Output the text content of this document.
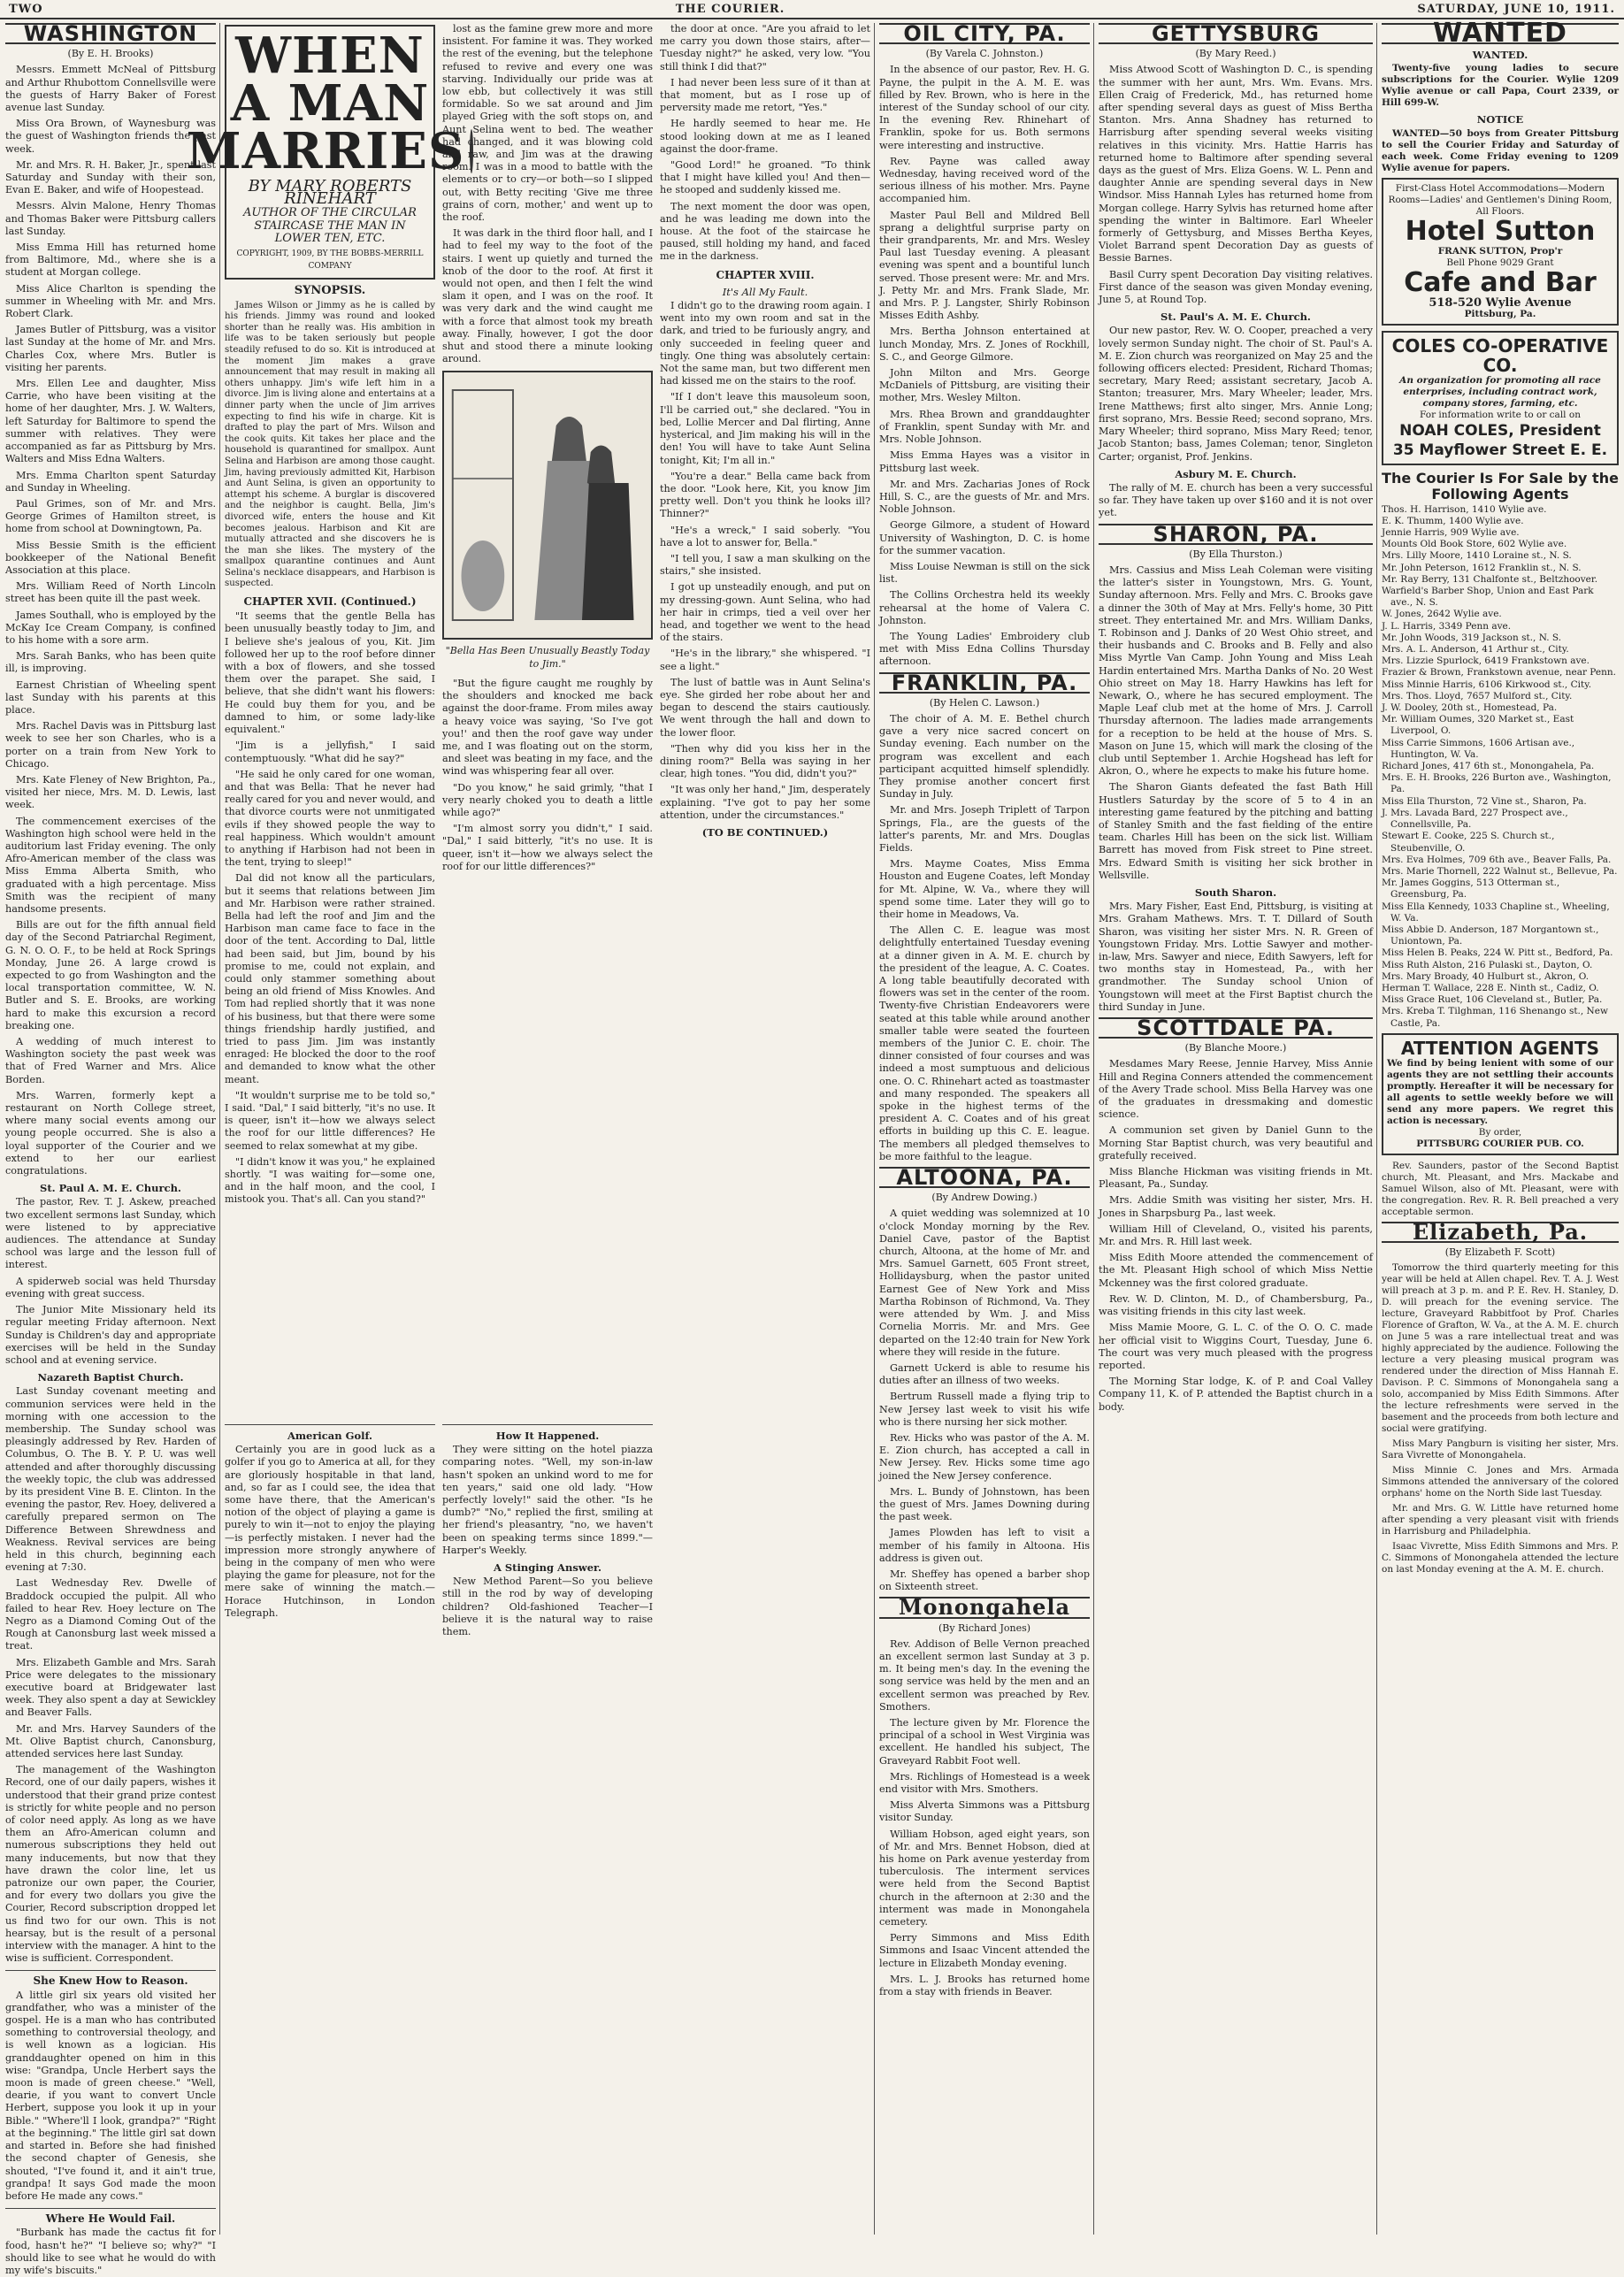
TWO	THE COURIER.	SATURDAY, JUNE 10, 1911.
WASHINGTON
(By E. H. Brooks)

Messrs. Emmett McNeal of Pittsburg and Arthur Rhubottom Connellsville were the guests of Harry Baker of Forest avenue last Sunday.

Miss Ora Brown, of Waynesburg was the guest of Washington friends the past week.

Mr. and Mrs. R. H. Baker, Jr., spent last Saturday and Sunday with their son, Evan E. Baker, and wife of Hoopestead.

Messrs. Alvin Malone, Henry Thomas and Thomas Baker were Pittsburg callers last Sunday.

Miss Emma Hill has returned home from Baltimore, Md., where she is a student at Morgan college.

Miss Alice Charlton is spending the summer in Wheeling with Mr. and Mrs. Robert Clark.

James Butler of Pittsburg, was a visitor last Sunday at the home of Mr. and Mrs. Charles Cox, where Mrs. Butler is visiting her parents.

Mrs. Ellen Lee and daughter, Miss Carrie, who have been visiting at the home of her daughter, Mrs. J. W. Walters, left Saturday for Baltimore to spend the summer with relatives. They were accompanied as far as Pittsburg by Mrs. Walters and Miss Edna Walters.

Mrs. Emma Charlton spent Saturday and Sunday in Wheeling.

Paul Grimes, son of Mr. and Mrs. George Grimes of Hamilton street, is home from school at Downingtown, Pa.

Miss Bessie Smith is the efficient bookkeeper of the National Benefit Association at this place.

Mrs. William Reed of North Lincoln street has been quite ill the past week.

James Southall, who is employed by the McKay Ice Cream Company, is confined to his home with a sore arm.

Mrs. Sarah Banks, who has been quite ill, is improving.

Earnest Christian of Wheeling spent last Sunday with his parents at this place.

Mrs. Rachel Davis was in Pittsburg last week to see her son Charles, who is a porter on a train from New York to Chicago.

Mrs. Kate Fleney of New Brighton, Pa., visited her niece, Mrs. M. D. Lewis, last week.

The commencement exercises of the Washington high school were held in the auditorium last Friday evening. The only Afro-American member of the class was Miss Emma Alberta Smith, who graduated with a high percentage. Miss Smith was the recipient of many handsome presents.

Bills are out for the fifth annual field day of the Second Patriarchal Regiment, G. N. O. O. F., to be held at Rock Springs Monday, June 26. A large crowd is expected to go from Washington and the local transportation committee, W. N. Butler and S. E. Brooks, are working hard to make this excursion a record breaking one.

A wedding of much interest to Washington society the past week was that of Fred Warner and Mrs. Alice Borden.

Mrs. Warren, formerly kept a restaurant on North College street, where many social events among our young people occurred. She is also a loyal supporter of the Courier and we extend to her our earliest congratulations.

St. Paul A. M. E. Church.

The pastor, Rev. T. J. Askew, preached two excellent sermons last Sunday, which were listened to by appreciative audiences. The attendance at Sunday school was large and the lesson full of interest.

A spiderweb social was held Thursday evening with great success.

The Junior Mite Missionary held its regular meeting Friday afternoon. Next Sunday is Children's day and appropriate exercises will be held in the Sunday school and at evening service.

Nazareth Baptist Church.

Last Sunday covenant meeting and communion services were held in the morning with one accession to the membership. The Sunday school was pleasingly addressed by Rev. Harden of Columbus, O. The B. Y. P. U. was well attended and after thoroughly discussing the weekly topic, the club was addressed by its president Vine B. E. Clinton. In the evening the pastor, Rev. Hoey, delivered a carefully prepared sermon on The Difference Between Shrewdness and Weakness. Revival services are being held in this church, beginning each evening at 7:30.

Last Wednesday Rev. Dwelle of Braddock occupied the pulpit. All who failed to hear Rev. Hoey lecture on The Negro as a Diamond Coming Out of the Rough at Canonsburg last week missed a treat.

Mrs. Elizabeth Gamble and Mrs. Sarah Price were delegates to the missionary executive board at Bridgewater last week. They also spent a day at Sewickley and Beaver Falls.

Mr. and Mrs. Harvey Saunders of the Mt. Olive Baptist church, Canonsburg, attended services here last Sunday.

The management of the Washington Record, one of our daily papers, wishes it understood that their grand prize contest is strictly for white people and no person of color need apply. As long as we have them an Afro-American column and numerous subscriptions they held out many inducements, but now that they have drawn the color line, let us patronize our own paper, the Courier, and for every two dollars you give the Courier, Record subscription dropped let us find two for our own. This is not hearsay, but is the result of a personal interview with the manager. A hint to the wise is sufficient. Correspondent.

She Knew How to Reason.

A little girl six years old visited her grandfather, who was a minister of the gospel. He is a man who has contributed something to controversial theology, and is well known as a logician. His granddaughter opened on him in this wise: "Grandpa, Uncle Herbert says the moon is made of green cheese." "Well, dearie, if you want to convert Uncle Herbert, suppose you look it up in your Bible." "Where'll I look, grandpa?" "Right at the beginning." The little girl sat down and started in. Before she had finished the second chapter of Genesis, she shouted, "I've found it, and it ain't true, grandpa! It says God made the moon before He made any cows."

Where He Would Fail.

"Burbank has made the cactus fit for food, hasn't he?" "I believe so; why?" "I should like to see what he would do with my wife's biscuits."

WHEN A MAN
MARRIES
BY MARY ROBERTS RINEHART
AUTHOR OF THE CIRCULAR STAIRCASE THE MAN IN LOWER TEN, ETC.
COPYRIGHT, 1909, BY THE BOBBS-MERRILL COMPANY
SYNOPSIS.

James Wilson or Jimmy as he is called by his friends. Jimmy was round and looked shorter than he really was. His ambition in life was to be taken seriously but people steadily refused to do so. Kit is introduced at the moment Jim makes a grave announcement that may result in making all others unhappy. Jim's wife left him in a divorce. Jim is living alone and entertains at a dinner party when the uncle of Jim arrives expecting to find his wife in charge. Kit is drafted to play the part of Mrs. Wilson and the cook quits. Kit takes her place and the household is quarantined for smallpox. Aunt Selina and Harbison are among those caught. Jim, having previously admitted Kit, Harbison and Aunt Selina, is given an opportunity to attempt his scheme. A burglar is discovered and the neighbor is caught. Bella, Jim's divorced wife, enters the house and Kit becomes jealous. Harbison and Kit are mutually attracted and she discovers he is the man she likes. The mystery of the smallpox quarantine continues and Aunt Selina's necklace disappears, and Harbison is suspected.

CHAPTER XVII. (Continued.)

"It seems that the gentle Bella has been unusually beastly today to Jim, and I believe she's jealous of you, Kit. Jim followed her up to the roof before dinner with a box of flowers, and she tossed them over the parapet. She said, I believe, that she didn't want his flowers: He could buy them for you, and be damned to him, or some lady-like equivalent."

"Jim is a jellyfish," I said contemptuously. "What did he say?"

"He said he only cared for one woman, and that was Bella: That he never had really cared for you and never would, and that divorce courts were not unmitigated evils if they showed people the way to real happiness. Which wouldn't amount to anything if Harbison had not been in the tent, trying to sleep!"

Dal did not know all the particulars, but it seems that relations between Jim and Mr. Harbison were rather strained. Bella had left the roof and Jim and the Harbison man came face to face in the door of the tent. According to Dal, little had been said, but Jim, bound by his promise to me, could not explain, and could only stammer something about being an old friend of Miss Knowles. And Tom had replied shortly that it was none of his business, but that there were some things friendship hardly justified, and tried to pass Jim. Jim was instantly enraged: He blocked the door to the roof and demanded to know what the other meant.

"It wouldn't surprise me to be told so," I said. "Dal," I said bitterly, "it's no use. It is queer, isn't it—how we always select the roof for our little differences? He seemed to relax somewhat at my gibe.

"I didn't know it was you," he explained shortly. "I was waiting for—some one, and in the half moon, and the cool, I mistook you. That's all. Can you stand?"

lost as the famine grew more and more insistent. For famine it was. They worked the rest of the evening, but the telephone refused to revive and every one was starving. Individually our pride was at low ebb, but collectively it was still formidable. So we sat around and Jim played Grieg with the soft stops on, and Aunt Selina went to bed. The weather had changed, and it was blowing cold and raw, and Jim was at the drawing room. I was in a mood to battle with the elements or to cry—or both—so I slipped out, with Betty reciting 'Give me three grains of corn, mother,' and went up to the roof.

It was dark in the third floor hall, and I had to feel my way to the foot of the stairs. I went up quietly and turned the knob of the door to the roof. At first it would not open, and then I felt the wind slam it open, and I was on the roof. It was very dark and the wind caught me with a force that almost took my breath away. Finally, however, I got the door shut and stood there a minute looking around.

"Bella Has Been Unusually Beastly Today to Jim."

"But the figure caught me roughly by the shoulders and knocked me back against the door-frame. From miles away a heavy voice was saying, 'So I've got you!' and then the roof gave way under me, and I was floating out on the storm, and sleet was beating in my face, and the wind was whispering fear all over.

"Do you know," he said grimly, "that I very nearly choked you to death a little while ago?"

"I'm almost sorry you didn't," I said. "Dal," I said bitterly, "it's no use. It is queer, isn't it—how we always select the roof for our little differences?"

the door at once. "Are you afraid to let me carry you down those stairs, after—Tuesday night?" he asked, very low. "You still think I did that?"

I had never been less sure of it than at that moment, but as I rose up of perversity made me retort, "Yes."

He hardly seemed to hear me. He stood looking down at me as I leaned against the door-frame.

"Good Lord!" he groaned. "To think that I might have killed you! And then—he stooped and suddenly kissed me.

The next moment the door was open, and he was leading me down into the house. At the foot of the staircase he paused, still holding my hand, and faced me in the darkness.

CHAPTER XVIII.
It's All My Fault.

I didn't go to the drawing room again. I went into my own room and sat in the dark, and tried to be furiously angry, and only succeeded in feeling queer and tingly. One thing was absolutely certain: Not the same man, but two different men had kissed me on the stairs to the roof.

"If I don't leave this mausoleum soon, I'll be carried out," she declared. "You in bed, Lollie Mercer and Dal flirting, Anne hysterical, and Jim making his will in the den! You will have to take Aunt Selina tonight, Kit; I'm all in."

"You're a dear." Bella came back from the door. "Look here, Kit, you know Jim pretty well. Don't you think he looks ill? Thinner?"

"He's a wreck," I said soberly. "You have a lot to answer for, Bella."

"I tell you, I saw a man skulking on the stairs," she insisted.

I got up unsteadily enough, and put on my dressing-gown. Aunt Selina, who had her hair in crimps, tied a veil over her head, and together we went to the head of the stairs.

"He's in the library," she whispered. "I see a light."

The lust of battle was in Aunt Selina's eye. She girded her robe about her and began to descend the stairs cautiously. We went through the hall and down to the lower floor.

"Then why did you kiss her in the dining room?" Bella was saying in her clear, high tones. "You did, didn't you?"

"It was only her hand," Jim, desperately explaining. "I've got to pay her some attention, under the circumstances."

(TO BE CONTINUED.)
American Golf.

Certainly you are in good luck as a golfer if you go to America at all, for they are gloriously hospitable in that land, and, so far as I could see, the idea that some have there, that the American's notion of the object of playing a game is purely to win it—not to enjoy the playing—is perfectly mistaken. I never had the impression more strongly anywhere of being in the company of men who were playing the game for pleasure, not for the mere sake of winning the match.—Horace Hutchinson, in London Telegraph.

How It Happened.

They were sitting on the hotel piazza comparing notes. "Well, my son-in-law hasn't spoken an unkind word to me for ten years," said one old lady. "How perfectly lovely!" said the other. "Is he dumb?" "No," replied the first, smiling at her friend's pleasantry, "no, we haven't been on speaking terms since 1899."—Harper's Weekly.

A Stinging Answer.

New Method Parent—So you believe still in the rod by way of developing children? Old-fashioned Teacher—I believe it is the natural way to raise them.

OIL CITY, PA.
(By Varela C. Johnston.)

In the absence of our pastor, Rev. H. G. Payne, the pulpit in the A. M. E. was filled by Rev. Brown, who is here in the interest of the Sunday school of our city. In the evening Rev. Rhinehart of Franklin, spoke for us. Both sermons were interesting and instructive.

Rev. Payne was called away Wednesday, having received word of the serious illness of his mother. Mrs. Payne accompanied him.

Master Paul Bell and Mildred Bell sprang a delightful surprise party on their grandparents, Mr. and Mrs. Wesley Paul last Tuesday evening. A pleasant evening was spent and a bountiful lunch served. Those present were: Mr. and Mrs. J. Petty Mr. and Mrs. Frank Slade, Mr. and Mrs. P. J. Langster, Shirly Robinson Misses Edith Ashby.

Mrs. Bertha Johnson entertained at lunch Monday, Mrs. Z. Jones of Rockhill, S. C., and George Gilmore.

John Milton and Mrs. George McDaniels of Pittsburg, are visiting their mother, Mrs. Wesley Milton.

Mrs. Rhea Brown and granddaughter of Franklin, spent Sunday with Mr. and Mrs. Noble Johnson.

Miss Emma Hayes was a visitor in Pittsburg last week.

Mr. and Mrs. Zacharias Jones of Rock Hill, S. C., are the guests of Mr. and Mrs. Noble Johnson.

George Gilmore, a student of Howard University of Washington, D. C. is home for the summer vacation.

Miss Louise Newman is still on the sick list.

The Collins Orchestra held its weekly rehearsal at the home of Valera C. Johnston.

The Young Ladies' Embroidery club met with Miss Edna Collins Thursday afternoon.

FRANKLIN, PA.
(By Helen C. Lawson.)

The choir of A. M. E. Bethel church gave a very nice sacred concert on Sunday evening. Each number on the program was excellent and each participant acquitted himself splendidly. They promise another concert first Sunday in July.

Mr. and Mrs. Joseph Triplett of Tarpon Springs, Fla., are the guests of the latter's parents, Mr. and Mrs. Douglas Fields.

Mrs. Mayme Coates, Miss Emma Houston and Eugene Coates, left Monday for Mt. Alpine, W. Va., where they will spend some time. Later they will go to their home in Meadows, Va.

The Allen C. E. league was most delightfully entertained Tuesday evening at a dinner given in A. M. E. church by the president of the league, A. C. Coates. A long table beautifully decorated with flowers was set in the center of the room. Twenty-five Christian Endeavorers were seated at this table while around another smaller table were seated the fourteen members of the Junior C. E. choir. The dinner consisted of four courses and was indeed a most sumptuous and delicious one. O. C. Rhinehart acted as toastmaster and many responded. The speakers all spoke in the highest terms of the president A. C. Coates and of his great efforts in building up this C. E. league. The members all pledged themselves to be more faithful to the league.

ALTOONA, PA.
(By Andrew Dowing.)

A quiet wedding was solemnized at 10 o'clock Monday morning by the Rev. Daniel Cave, pastor of the Baptist church, Altoona, at the home of Mr. and Mrs. Samuel Garnett, 605 Front street, Hollidaysburg, when the pastor united Earnest Gee of New York and Miss Martha Robinson of Richmond, Va. They were attended by Wm. J. and Miss Cornelia Morris. Mr. and Mrs. Gee departed on the 12:40 train for New York where they will reside in the future.

Garnett Uckerd is able to resume his duties after an illness of two weeks.

Bertrum Russell made a flying trip to New Jersey last week to visit his wife who is there nursing her sick mother.

Rev. Hicks who was pastor of the A. M. E. Zion church, has accepted a call in New Jersey. Rev. Hicks some time ago joined the New Jersey conference.

Mrs. L. Bundy of Johnstown, has been the guest of Mrs. James Downing during the past week.

James Plowden has left to visit a member of his family in Altoona. His address is given out.

Mr. Sheffey has opened a barber shop on Sixteenth street.

Monongahela
(By Richard Jones)

Rev. Addison of Belle Vernon preached an excellent sermon last Sunday at 3 p. m. It being men's day. In the evening the song service was held by the men and an excellent sermon was preached by Rev. Smothers.

The lecture given by Mr. Florence the principal of a school in West Virginia was excellent. He handled his subject, The Graveyard Rabbit Foot well.

Mrs. Richlings of Homestead is a week end visitor with Mrs. Smothers.

Miss Alverta Simmons was a Pittsburg visitor Sunday.

William Hobson, aged eight years, son of Mr. and Mrs. Bennet Hobson, died at his home on Park avenue yesterday from tuberculosis. The interment services were held from the Second Baptist church in the afternoon at 2:30 and the interment was made in Monongahela cemetery.

Perry Simmons and Miss Edith Simmons and Isaac Vincent attended the lecture in Elizabeth Monday evening.

Mrs. L. J. Brooks has returned home from a stay with friends in Beaver.

GETTYSBURG
(By Mary Reed.)

Miss Atwood Scott of Washington D. C., is spending the summer with her aunt, Mrs. Wm. Evans. Mrs. Ellen Craig of Frederick, Md., has returned home after spending several days as guest of Miss Bertha Stanton. Mrs. Anna Shadney has returned to Harrisburg after spending several weeks visiting relatives in this vicinity. Mrs. Hattie Harris has returned home to Baltimore after spending several days as the guest of Mrs. Eliza Goens. W. L. Penn and daughter Annie are spending several days in New Windsor. Miss Hannah Lyles has returned home from Morgan college. Harry Sylvis has returned home after spending the winter in Baltimore. Earl Wheeler formerly of Gettysburg, and Misses Bertha Keyes, Violet Barrand spent Decoration Day as guests of Bessie Barnes.

Basil Curry spent Decoration Day visiting relatives. First dance of the season was given Monday evening, June 5, at Round Top.

St. Paul's A. M. E. Church.

Our new pastor, Rev. W. O. Cooper, preached a very lovely sermon Sunday night. The choir of St. Paul's A. M. E. Zion church was reorganized on May 25 and the following officers elected: President, Richard Thomas; secretary, Mary Reed; assistant secretary, Jacob A. Stanton; treasurer, Mrs. Mary Wheeler; leader, Mrs. Irene Matthews; first alto singer, Mrs. Annie Long; first soprano, Mrs. Bessie Reed; second soprano, Mrs. Mary Wheeler; third soprano, Miss Mary Reed; tenor, Jacob Stanton; bass, James Coleman; tenor, Singleton Carter; organist, Prof. Jenkins.

Asbury M. E. Church.

The rally of M. E. church has been a very successful so far. They have taken up over $160 and it is not over yet.

SHARON, PA.
(By Ella Thurston.)

Mrs. Cassius and Miss Leah Coleman were visiting the latter's sister in Youngstown, Mrs. G. Yount, Sunday afternoon. Mrs. Felly and Mrs. C. Brooks gave a dinner the 30th of May at Mrs. Felly's home, 30 Pitt street. They entertained Mr. and Mrs. William Danks, T. Robinson and J. Danks of 20 West Ohio street, and their husbands and C. Brooks and B. Felly and also Miss Myrtle Van Camp. John Young and Miss Leah Hardin entertained Mrs. Martha Danks of No. 20 West Ohio street on May 18. Harry Hawkins has left for Newark, O., where he has secured employment. The Maple Leaf club met at the home of Mrs. J. Carroll Thursday afternoon. The ladies made arrangements for a reception to be held at the house of Mrs. S. Mason on June 15, which will mark the closing of the club until September 1. Archie Hogshead has left for Akron, O., where he expects to make his future home.

The Sharon Giants defeated the fast Bath Hill Hustlers Saturday by the score of 5 to 4 in an interesting game featured by the pitching and batting of Stanley Smith and the fast fielding of the entire team. Charles Hill has been on the sick list. William Barrett has moved from Fisk street to Pine street. Mrs. Edward Smith is visiting her sick brother in Wellsville.

South Sharon.

Mrs. Mary Fisher, East End, Pittsburg, is visiting at Mrs. Graham Mathews. Mrs. T. T. Dillard of South Sharon, was visiting her sister Mrs. N. R. Green of Youngstown Friday. Mrs. Lottie Sawyer and mother-in-law, Mrs. Sawyer and niece, Edith Sawyers, left for two months stay in Homestead, Pa., with her grandmother. The Sunday school Union of Youngstown will meet at the First Baptist church the third Sunday in June.

SCOTTDALE PA.
(By Blanche Moore.)

Mesdames Mary Reese, Jennie Harvey, Miss Annie Hill and Regina Conners attended the commencement of the Avery Trade school. Miss Bella Harvey was one of the graduates in dressmaking and domestic science.

A communion set given by Daniel Gunn to the Morning Star Baptist church, was very beautiful and gratefully received.

Miss Blanche Hickman was visiting friends in Mt. Pleasant, Pa., Sunday.

Mrs. Addie Smith was visiting her sister, Mrs. H. Jones in Sharpsburg Pa., last week.

William Hill of Cleveland, O., visited his parents, Mr. and Mrs. R. Hill last week.

Miss Edith Moore attended the commencement of the Mt. Pleasant High school of which Miss Nettie Mckenney was the first colored graduate.

Rev. W. D. Clinton, M. D., of Chambersburg, Pa., was visiting friends in this city last week.

Miss Mamie Moore, G. L. C. of the O. O. C. made her official visit to Wiggins Court, Tuesday, June 6. The court was very much pleased with the progress reported.

The Morning Star lodge, K. of P. and Coal Valley Company 11, K. of P. attended the Baptist church in a body.

WANTED
WANTED.

Twenty-five young ladies to secure subscriptions for the Courier. Wylie 1209 Wylie avenue or call Papa, Court 2339, or Hill 699-W.

NOTICE

WANTED—50 boys from Greater Pittsburg to sell the Courier Friday and Saturday of each week. Come Friday evening to 1209 Wylie avenue for papers.

First-Class Hotel Accommodations—Modern Rooms—Ladies' and Gentlemen's Dining Room, All Floors.
Hotel Sutton
FRANK SUTTON, Prop'r
Bell Phone 9029 Grant
Cafe and Bar
518-520 Wylie Avenue
Pittsburg, Pa.
COLES CO-OPERATIVE CO.
An organization for promoting all race enterprises, including contract work, company stores, farming, etc.
For information write to or call on
NOAH COLES, President
35 Mayflower Street E. E.
The Courier Is For Sale by the Following Agents

Thos. H. Harrison, 1410 Wylie ave.

E. K. Thumm, 1400 Wylie ave.

Jennie Harris, 909 Wylie ave.

Mounts Old Book Store, 602 Wylie ave.

Mrs. Lilly Moore, 1410 Loraine st., N. S.

Mr. John Peterson, 1612 Franklin st., N. S.

Mr. Ray Berry, 131 Chalfonte st., Beltzhoover.

Warfield's Barber Shop, Union and East Park ave., N. S.

W. Jones, 2642 Wylie ave.

J. L. Harris, 3349 Penn ave.

Mr. John Woods, 319 Jackson st., N. S.

Mrs. A. L. Anderson, 41 Arthur st., City.

Mrs. Lizzie Spurlock, 6419 Frankstown ave.

Frazier & Brown, Frankstown avenue, near Penn.

Miss Minnie Harris, 6106 Kirkwood st., City.

Mrs. Thos. Lloyd, 7657 Mulford st., City.

J. W. Dooley, 20th st., Homestead, Pa.

Mr. William Oumes, 320 Market st., East Liverpool, O.

Miss Carrie Simmons, 1606 Artisan ave., Huntington, W. Va.

Richard Jones, 417 6th st., Monongahela, Pa.

Mrs. E. H. Brooks, 226 Burton ave., Washington, Pa.

Miss Ella Thurston, 72 Vine st., Sharon, Pa.

J. Mrs. Lavada Bard, 227 Prospect ave., Connellsville, Pa.

Stewart E. Cooke, 225 S. Church st., Steubenville, O.

Mrs. Eva Holmes, 709 6th ave., Beaver Falls, Pa.

Mrs. Marie Thornell, 222 Walnut st., Bellevue, Pa.

Mr. James Goggins, 513 Otterman st., Greensburg, Pa.

Miss Ella Kennedy, 1033 Chapline st., Wheeling, W. Va.

Miss Abbie D. Anderson, 187 Morgantown st., Uniontown, Pa.

Miss Helen B. Peaks, 224 W. Pitt st., Bedford, Pa.

Miss Ruth Alston, 216 Pulaski st., Dayton, O.

Mrs. Mary Broady, 40 Hulburt st., Akron, O.

Herman T. Wallace, 228 E. Ninth st., Cadiz, O.

Miss Grace Ruet, 106 Cleveland st., Butler, Pa.

Mrs. Kreba T. Tilghman, 116 Shenango st., New Castle, Pa.

ATTENTION AGENTS
We find by being lenient with some of our agents they are not settling their accounts promptly. Hereafter it will be necessary for all agents to settle weekly before we will send any more papers. We regret this action is necessary.
By order,
PITTSBURG COURIER PUB. CO.

Rev. Saunders, pastor of the Second Baptist church, Mt. Pleasant, and Mrs. Mackabe and Samuel Wilson, also of Mt. Pleasant, were with the congregation. Rev. R. R. Bell preached a very acceptable sermon.

Elizabeth, Pa.
(By Elizabeth F. Scott)

Tomorrow the third quarterly meeting for this year will be held at Allen chapel. Rev. T. A. J. West will preach at 3 p. m. and P. E. Rev. H. Stanley, D. D. will preach for the evening service. The lecture, Graveyard Rabbitfoot by Prof. Charles Florence of Grafton, W. Va., at the A. M. E. church on June 5 was a rare intellectual treat and was highly appreciated by the audience. Following the lecture a very pleasing musical program was rendered under the direction of Miss Hannah E. Davison. P. C. Simmons of Monongahela sang a solo, accompanied by Miss Edith Simmons. After the lecture refreshments were served in the basement and the proceeds from both lecture and social were gratifying.

Miss Mary Pangburn is visiting her sister, Mrs. Sara Vivrette of Monongahela.

Miss Minnie C. Jones and Mrs. Armada Simmons attended the anniversary of the colored orphans' home on the North Side last Tuesday.

Mr. and Mrs. G. W. Little have returned home after spending a very pleasant visit with friends in Harrisburg and Philadelphia.

Isaac Vivrette, Miss Edith Simmons and Mrs. P. C. Simmons of Monongahela attended the lecture on last Monday evening at the A. M. E. church.
